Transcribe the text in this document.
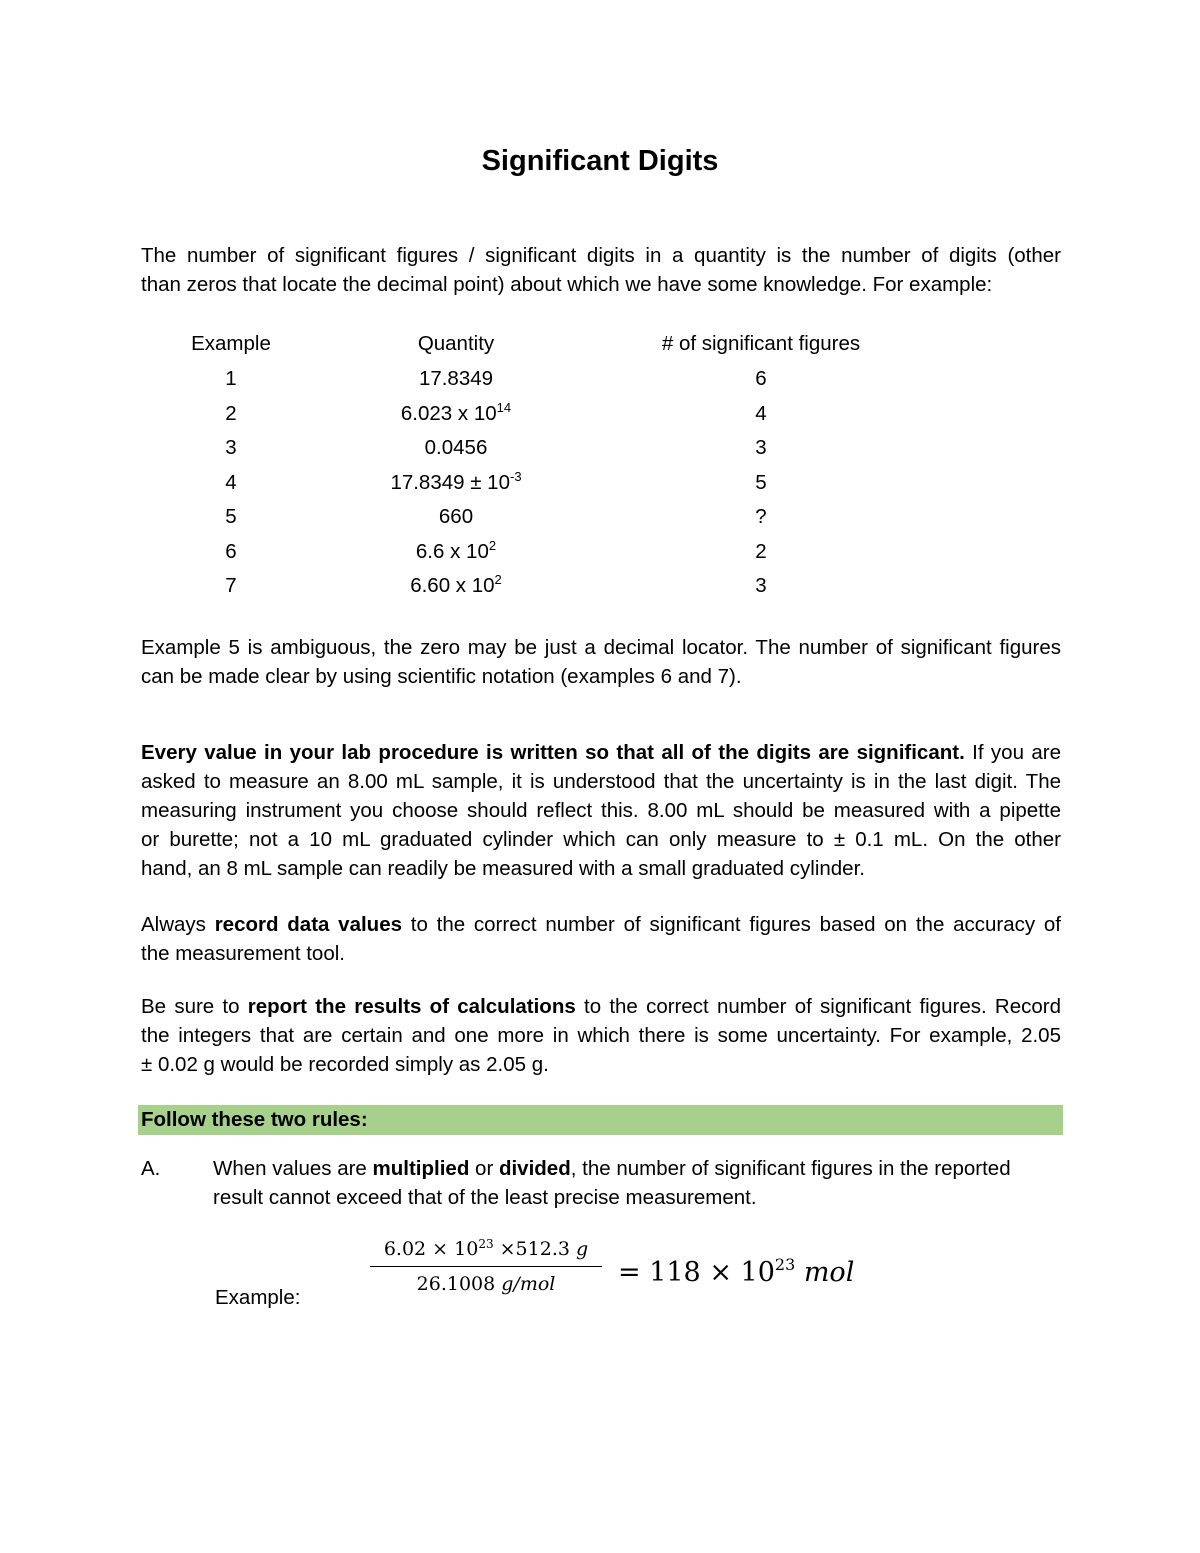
Significant Digits
The number of significant figures / significant digits in a quantity is the number of digits (other
than zeros that locate the decimal point) about which we have some knowledge. For example:
Example	Quantity	# of significant figures
1	17.8349	6
2	6.023 x $10^{14}$	4
3	0.0456	3
4	$17.8349 \pm 10^{-3}$	5
5	660	?
6	6.6 x $10^2$	2
7	6.60 x $10^2$	3
Example 5 is ambiguous, the zero may be just a decimal locator. The number of significant figures
can be made clear by using scientific notation (examples 6 and 7).
Every value in your lab procedure is written so that all of the digits are significant. If you are
asked to measure an 8.00 mL sample, it is understood that the uncertainty is in the last digit. The
measuring instrument you choose should reflect this. 8.00 mL should be measured with a pipette
or burette; not a 10 mL graduated cylinder which can only measure to ± 0.1 mL. On the other
hand, an 8 mL sample can readily be measured with a small graduated cylinder.
Always record data values to the correct number of significant figures based on the accuracy of
the measurement tool.
Be sure to report the results of calculations to the correct number of significant figures. Record
the integers that are certain and one more in which there is some uncertainty. For example, 2.05
± 0.02 g would be recorded simply as 2.05 g.
Follow these two rules:
A.	When values are multiplied or divided, the number of significant figures in the reported
result cannot exceed that of the least precise measurement.
Example:
$6.02 \times 10^{23} \times 512.3$ g
26.1008 g/mol	= $118 \times 10^{23}$ mol
